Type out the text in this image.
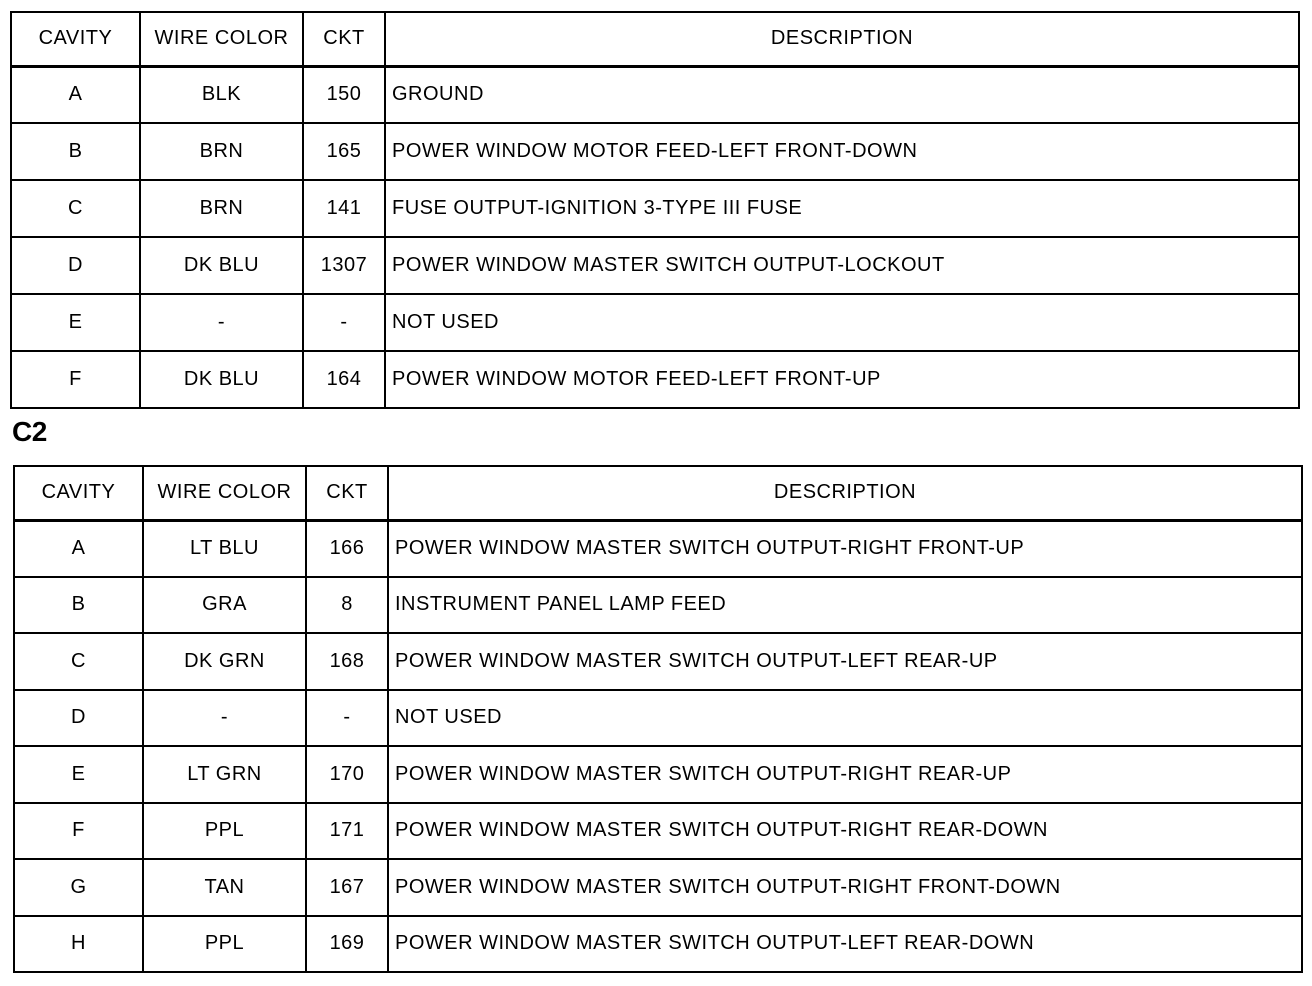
CAVITY	WIRE COLOR	CKT	DESCRIPTION
A	BLK	150	GROUND
B	BRN	165	POWER WINDOW MOTOR FEED-LEFT FRONT-DOWN
C	BRN	141	FUSE OUTPUT-IGNITION 3-TYPE III FUSE
D	DK BLU	1307	POWER WINDOW MASTER SWITCH OUTPUT-LOCKOUT
E	-	-	NOT USED
F	DK BLU	164	POWER WINDOW MOTOR FEED-LEFT FRONT-UP
C2
CAVITY	WIRE COLOR	CKT	DESCRIPTION
A	LT BLU	166	POWER WINDOW MASTER SWITCH OUTPUT-RIGHT FRONT-UP
B	GRA	8	INSTRUMENT PANEL LAMP FEED
C	DK GRN	168	POWER WINDOW MASTER SWITCH OUTPUT-LEFT REAR-UP
D	-	-	NOT USED
E	LT GRN	170	POWER WINDOW MASTER SWITCH OUTPUT-RIGHT REAR-UP
F	PPL	171	POWER WINDOW MASTER SWITCH OUTPUT-RIGHT REAR-DOWN
G	TAN	167	POWER WINDOW MASTER SWITCH OUTPUT-RIGHT FRONT-DOWN
H	PPL	169	POWER WINDOW MASTER SWITCH OUTPUT-LEFT REAR-DOWN
